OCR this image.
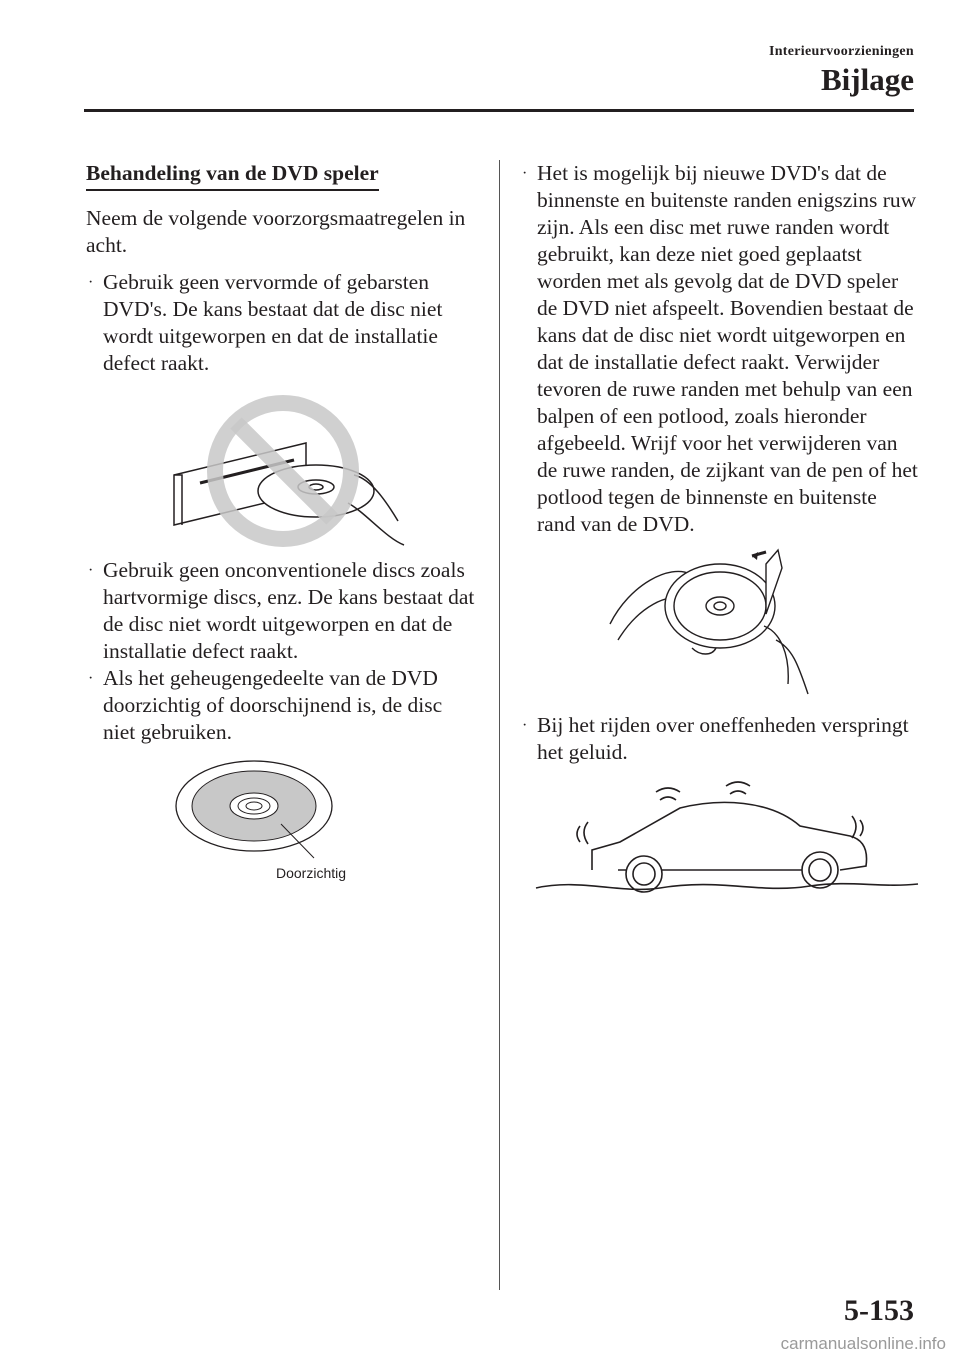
Interieurvoorzieningen
Bijlage
Behandeling van de DVD speler

Neem de volgende voorzorgsmaatregelen in acht.

· Gebruik geen vervormde of gebarsten DVD's. De kans bestaat dat de disc niet wordt uitgeworpen en dat de installatie defect raakt.
· Gebruik geen onconventionele discs zoals hartvormige discs, enz. De kans bestaat dat de disc niet wordt uitgeworpen en dat de installatie defect raakt.
· Als het geheugengedeelte van de DVD doorzichtig of doorschijnend is, de disc niet gebruiken.
Doorzichtig
· Het is mogelijk bij nieuwe DVD's dat de binnenste en buitenste randen enigszins ruw zijn. Als een disc met ruwe randen wordt gebruikt, kan deze niet goed geplaatst worden met als gevolg dat de DVD speler de DVD niet afspeelt. Bovendien bestaat de kans dat de disc niet wordt uitgeworpen en dat de installatie defect raakt. Verwijder tevoren de ruwe randen met behulp van een balpen of een potlood, zoals hieronder afgebeeld. Wrijf voor het verwijderen van de ruwe randen, de zijkant van de pen of het potlood tegen de binnenste en buitenste rand van de DVD.
· Bij het rijden over oneffenheden verspringt het geluid.
5-153
carmanualsonline.info
